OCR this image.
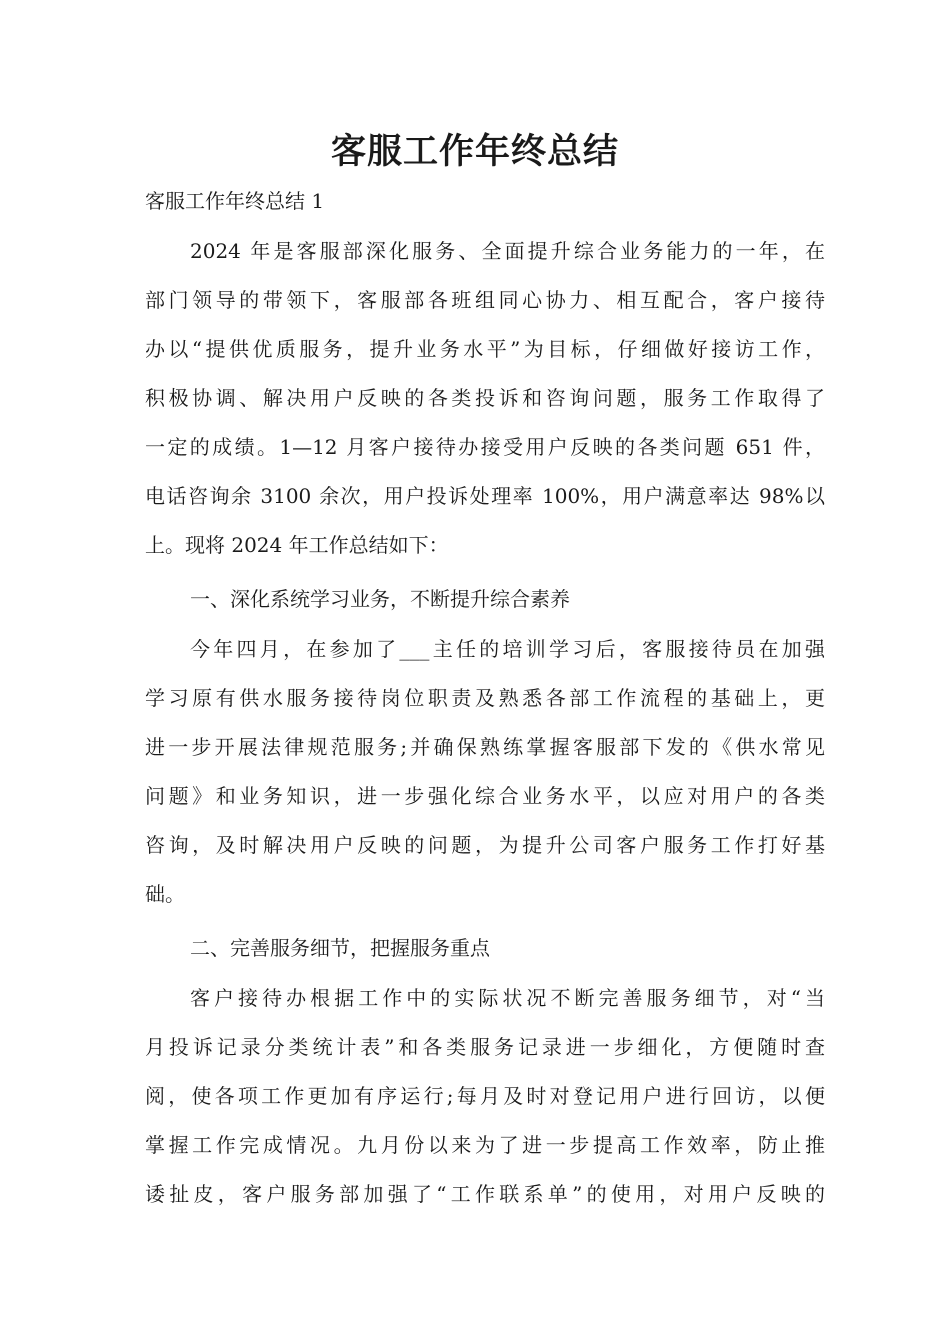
客服工作年终总结

客服工作年终总结 1

2024 年是客服部深化服务、全面提升综合业务能力的一年，在

部门领导的带领下，客服部各班组同心协力、相互配合，客户接待

办以“提供优质服务，提升业务水平”为目标，仔细做好接访工作，

积极协调、解决用户反映的各类投诉和咨询问题，服务工作取得了

一定的成绩。1—12 月客户接待办接受用户反映的各类问题 651 件，

电话咨询余 3100 余次，用户投诉处理率 100%，用户满意率达 98%以

上。现将 2024 年工作总结如下：

一、深化系统学习业务，不断提升综合素养

今年四月，在参加了___主任的培训学习后，客服接待员在加强

学习原有供水服务接待岗位职责及熟悉各部工作流程的基础上，更

进一步开展法律规范服务;并确保熟练掌握客服部下发的《供水常见

问题》和业务知识，进一步强化综合业务水平，以应对用户的各类

咨询，及时解决用户反映的问题，为提升公司客户服务工作打好基

础。

二、完善服务细节，把握服务重点

客户接待办根据工作中的实际状况不断完善服务细节，对“当

月投诉记录分类统计表”和各类服务记录进一步细化，方便随时查

阅，使各项工作更加有序运行;每月及时对登记用户进行回访，以便

掌握工作完成情况。九月份以来为了进一步提高工作效率，防止推

诿扯皮，客户服务部加强了“工作联系单”的使用，对用户反映的
